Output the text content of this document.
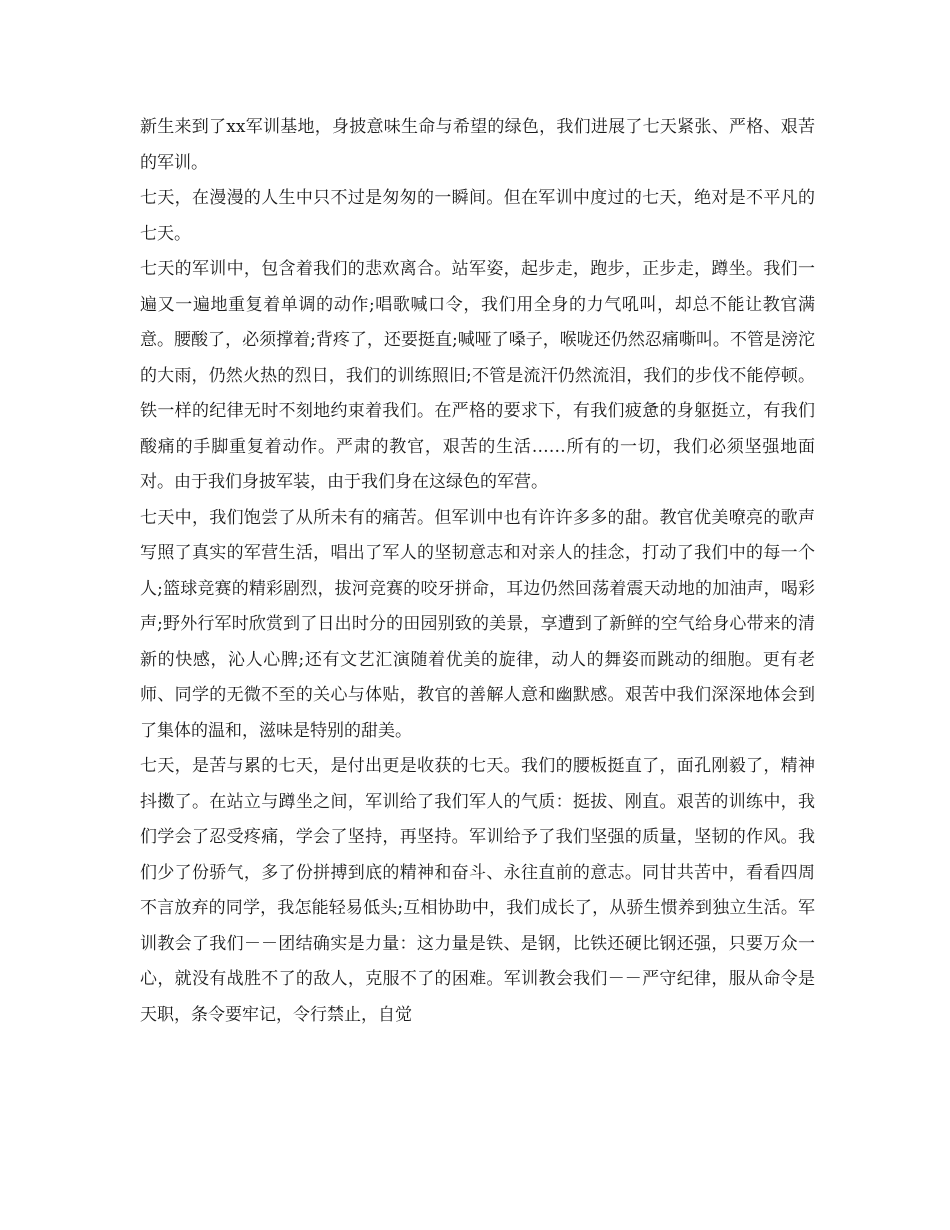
新生来到了xx军训基地，身披意味生命与希望的绿色，我们进展了七天紧张、严格、艰苦的军训。

七天，在漫漫的人生中只不过是匆匆的一瞬间。但在军训中度过的七天，绝对是不平凡的七天。

七天的军训中，包含着我们的悲欢离合。站军姿，起步走，跑步，正步走，蹲坐。我们一遍又一遍地重复着单调的动作;唱歌喊口令，我们用全身的力气吼叫，却总不能让教官满意。腰酸了，必须撑着;背疼了，还要挺直;喊哑了嗓子，喉咙还仍然忍痛嘶叫。不管是滂沱的大雨，仍然火热的烈日，我们的训练照旧;不管是流汗仍然流泪，我们的步伐不能停顿。铁一样的纪律无时不刻地约束着我们。在严格的要求下，有我们疲惫的身躯挺立，有我们酸痛的手脚重复着动作。严肃的教官，艰苦的生活……所有的一切，我们必须坚强地面对。由于我们身披军装，由于我们身在这绿色的军营。

七天中，我们饱尝了从所未有的痛苦。但军训中也有许许多多的甜。教官优美嘹亮的歌声写照了真实的军营生活，唱出了军人的坚韧意志和对亲人的挂念，打动了我们中的每一个人;篮球竞赛的精彩剧烈，拔河竞赛的咬牙拼命，耳边仍然回荡着震天动地的加油声，喝彩声;野外行军时欣赏到了日出时分的田园别致的美景，享遭到了新鲜的空气给身心带来的清新的快感，沁人心脾;还有文艺汇演随着优美的旋律，动人的舞姿而跳动的细胞。更有老师、同学的无微不至的关心与体贴，教官的善解人意和幽默感。艰苦中我们深深地体会到了集体的温和，滋味是特别的甜美。

七天，是苦与累的七天，是付出更是收获的七天。我们的腰板挺直了，面孔刚毅了，精神抖擞了。在站立与蹲坐之间，军训给了我们军人的气质：挺拔、刚直。艰苦的训练中，我们学会了忍受疼痛，学会了坚持，再坚持。军训给予了我们坚强的质量，坚韧的作风。我们少了份骄气，多了份拼搏到底的精神和奋斗、永往直前的意志。同甘共苦中，看看四周不言放弃的同学，我怎能轻易低头;互相协助中，我们成长了，从骄生惯养到独立生活。军训教会了我们－－团结确实是力量：这力量是铁、是钢，比铁还硬比钢还强，只要万众一心，就没有战胜不了的敌人，克服不了的困难。军训教会我们－－严守纪律，服从命令是天职，条令要牢记，令行禁止，自觉
